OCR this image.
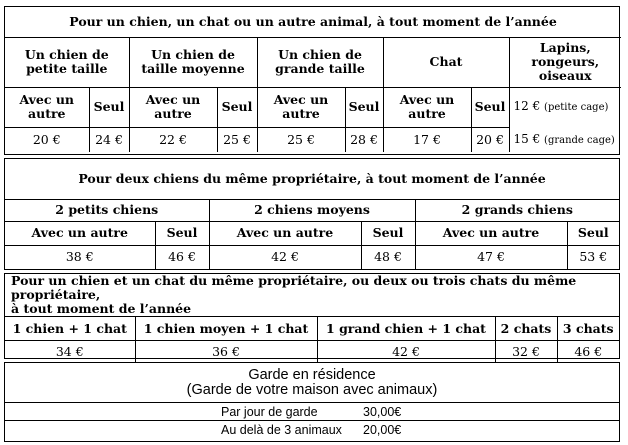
Pour un chien, un chat ou un autre animal, à tout moment de l’année								
Un chien de petite taille		Un chien de taille moyenne		Un chien de grande taille		Chat		Lapins, rongeurs, oiseaux
Avec un autre	Seul	Avec un autre	Seul	Avec un autre	Seul	Avec un autre	Seul	12 € (petite cage)
20 €	24 €	22 €	25 €	25 €	28 €	17 €	20 €	15 € (grande cage)
Pour deux chiens du même propriétaire, à tout moment de l’année					
2 petits chiens		2 chiens moyens		2 grands chiens	
Avec un autre	Seul	Avec un autre	Seul	Avec un autre	Seul
38 €	46 €	42 €	48 €	47 €	53 €
Pour un chien et un chat du même propriétaire, ou deux ou trois chats du même propriétaire,
à tout moment de l’année				

1 chien + 1 chat	1 chien moyen + 1 chat	1 grand chien + 1 chat	2 chats	3 chats
34 €	36 €	42 €	32 €	46 €
Garde en résidence
(Garde de votre maison avec animaux)
Par jour de garde	30,00€
Au delà de 3 animaux 20,00€
